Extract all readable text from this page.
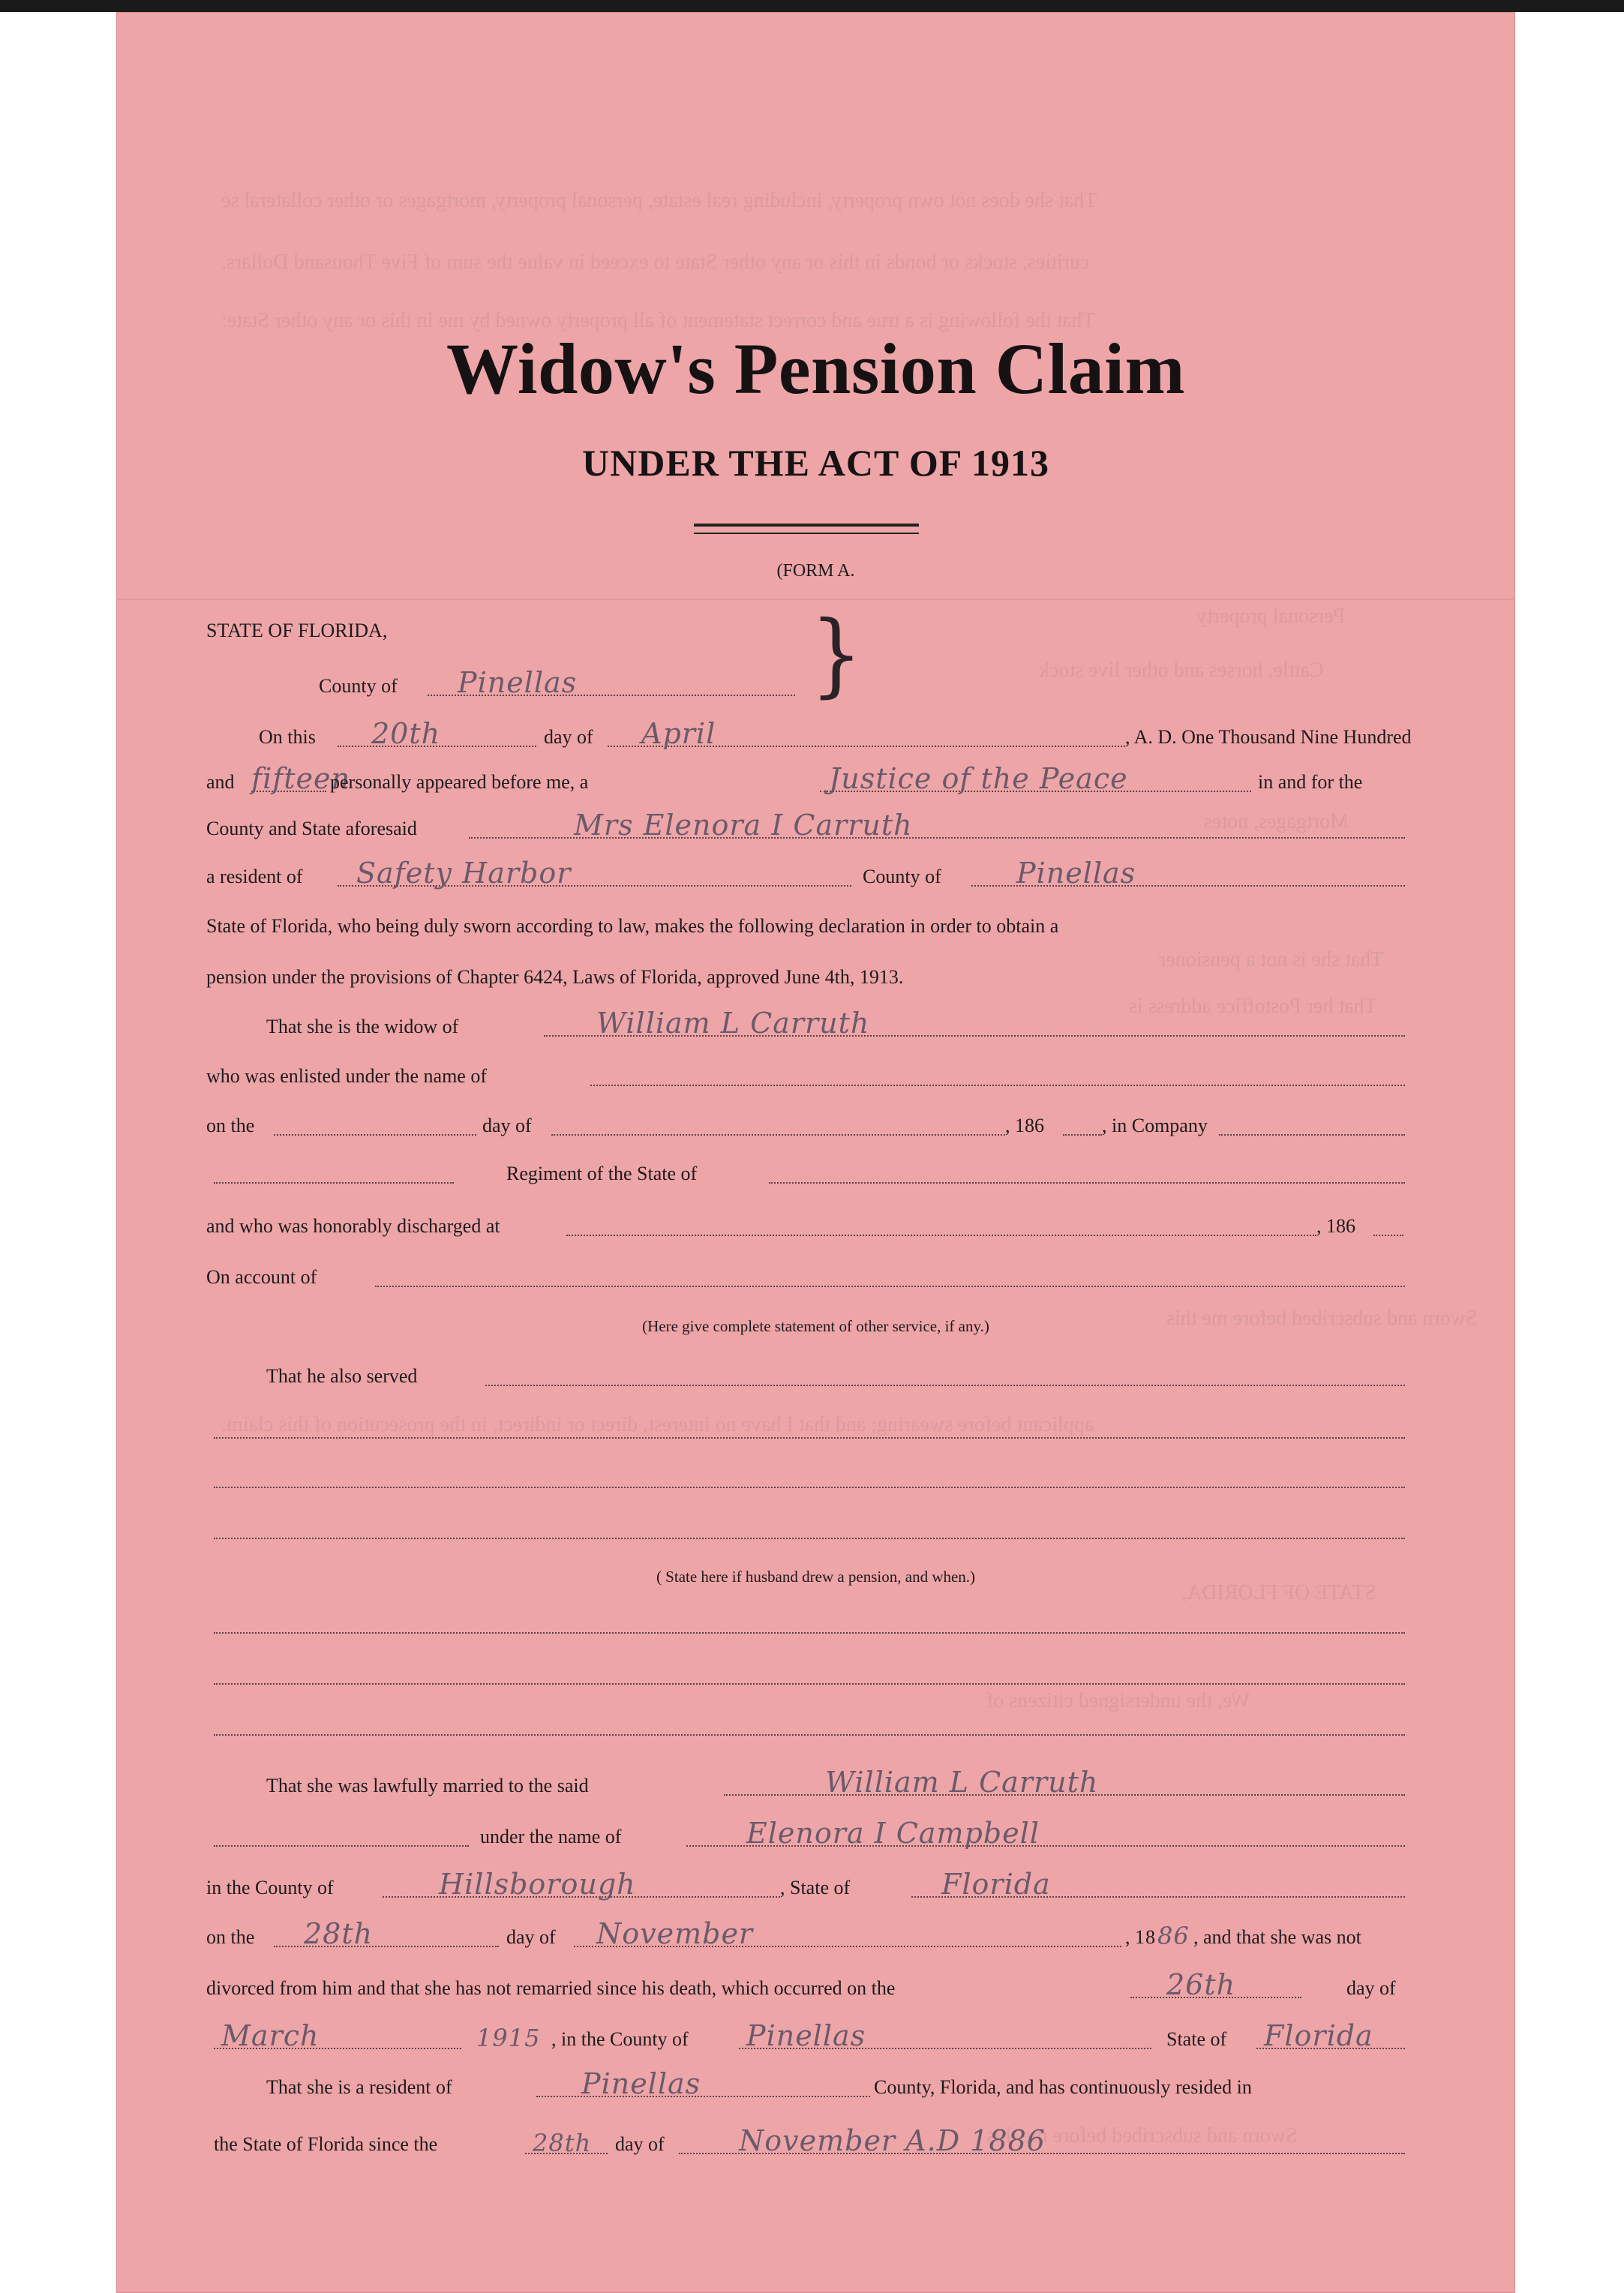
That she does not own property, including real estate, personal property, mortgages or other collateral se
curities, stocks or bonds in this or any other State to exceed in value the sum of Five Thousand Dollars.
That the following is a true and correct statement of all property owned by me in this or any other State:
Personal property
Cattle, horses and other live stock
Mortgages, notes
That she is not a pensioner
That her Postoffice address is
Sworn and subscribed before me this
applicant before swearing; and that I have no interest, direct or indirect, in the prosecution of this claim.
STATE OF FLORIDA,
We, the undersigned citizens of
Sworn and subscribed before me this
Widow's Pension Claim
UNDER THE ACT OF 1913
(FORM A.
STATE OF FLORIDA,	}
County of Pinellas
On this 20th	day of April	, A. D. One Thousand Nine Hundred
and fifteen
personally appeared before me, a	Justice of the Peace	in and for the
County and State aforesaid	Mrs Elenora I Carruth
a resident of Safety Harbor	County of	Pinellas
State of Florida, who being duly sworn according to law, makes the following declaration in order to obtain a
pension under the provisions of Chapter 6424, Laws of Florida, approved June 4th, 1913.
That she is the widow of	William L Carruth
who was enlisted under the name of
on the	day of	, 186	, in Company
Regiment of the State of
and who was honorably discharged at	, 186
On account of
(Here give complete statement of other service, if any.)
That he also served
( State here if husband drew a pension, and when.)
That she was lawfully married to the said	William L Carruth
under the name of	Elenora I Campbell
in the County of	Hillsborough	, State of	Florida
on the 28th	day of November	, 1 8 86 , and that she was not
divorced from him and that she has not remarried since his death, which occurred on the	26th	day of
March	1915 , in the County of Pinellas	State of Florida
That she is a resident of	Pinellas	County, Florida, and has continuously resided in
the State of Florida since the	28th day of	November A.D 1886
